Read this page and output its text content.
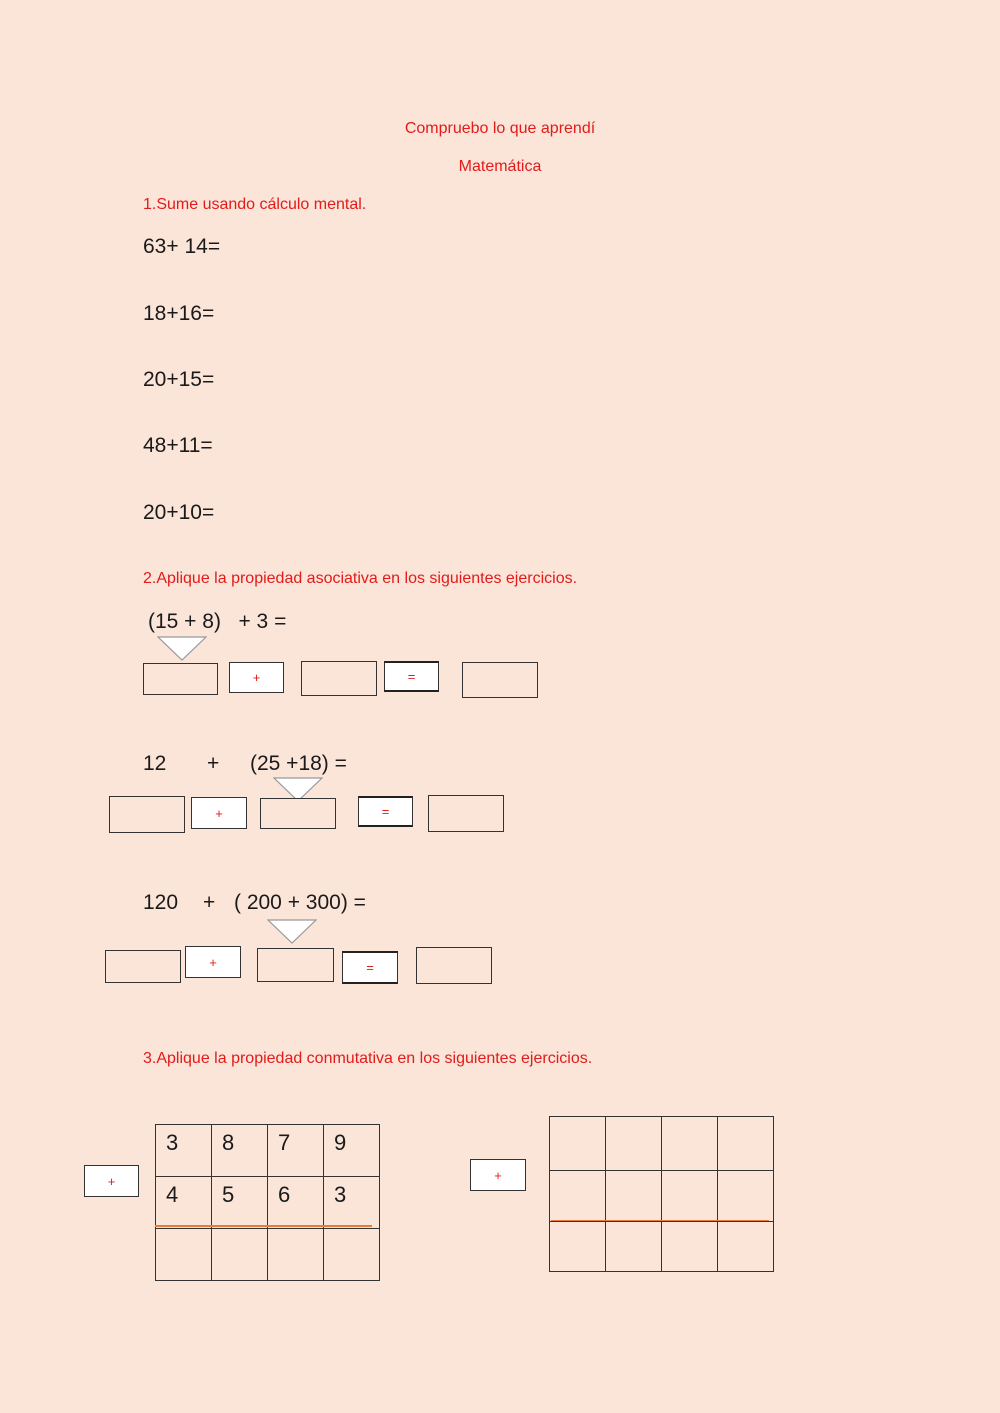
Compruebo lo que aprendí
Matemática
1.Sume usando cálculo mental.
63+ 14=
18+16=
20+15=
48+11=
20+10=
2.Aplique la propiedad asociativa en los siguientes ejercicios.
(15 + 8)   + 3 =
+	=
12 + (25 +18) =
+	=
120 + ( 200 + 300) =
+	=
3.Aplique la propiedad conmutativa en los siguientes ejercicios.
+
3	8	7	9

4	5	6	3

+
